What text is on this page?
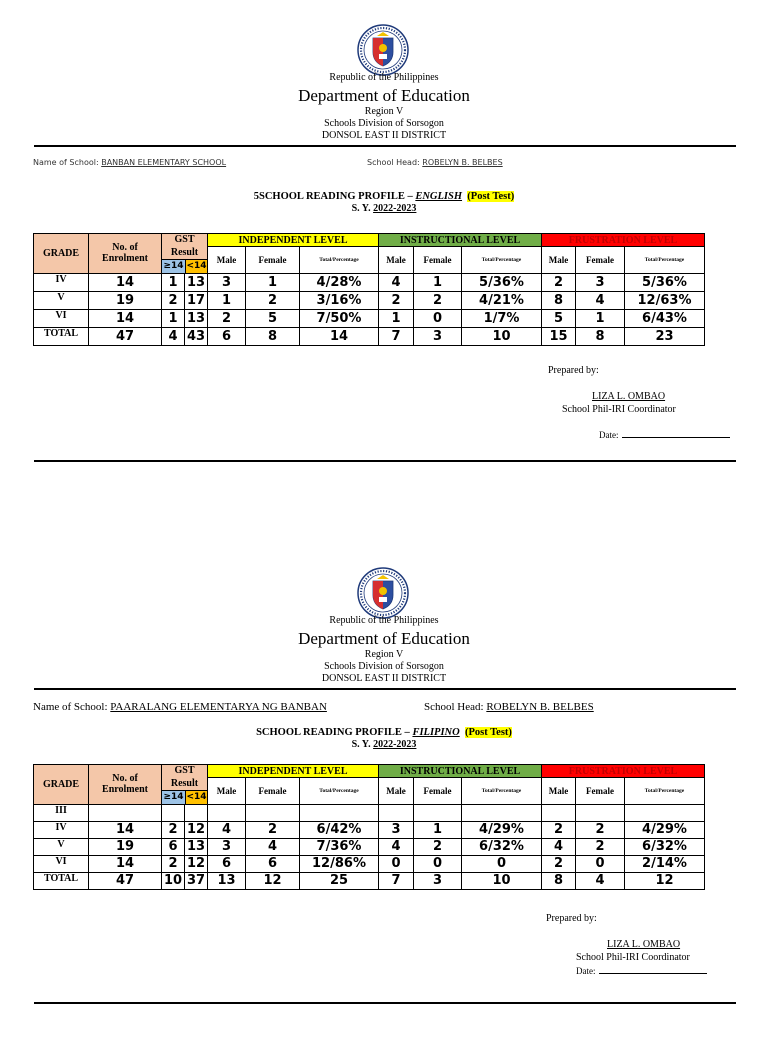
Republic of the Philippines
Department of Education
Region V
Schools Division of Sorsogon
DONSOL EAST II DISTRICT
Name of School: BANBAN ELEMENTARY SCHOOL	School Head: ROBELYN B. BELBES
5SCHOOL READING PROFILE – ENGLISH (Post Test)
S. Y. 2022-2023
GRADE	No. of
Enrolment	GST		INDEPENDENT LEVEL			INSTRUCTIONAL LEVEL			FRUSTRATION LEVEL		

		Result
≥14 <14		Male	Female	Total/Percentage	Male	Female	Total/Percentage	Male	Female	Total/Percentage
IV	14	1	13	3	1	4/28%	4	1	5/36%	2	3	5/36%
V	19	2	17	1	2	3/16%	2	2	4/21%	8	4	12/63%
VI	14	1	13	2	5	7/50%	1	0	1/7%	5	1	6/43%
TOTAL	47	4	43	6	8	14	7	3	10	15	8	23
Prepared by:
LIZA L. OMBAO
School Phil-IRI Coordinator
Date:
Republic of the Philippines
Department of Education
Region V
Schools Division of Sorsogon
DONSOL EAST II DISTRICT
Name of School: PAARALANG ELEMENTARYA NG BANBAN	School Head: ROBELYN B. BELBES
SCHOOL READING PROFILE – FILIPINO (Post Test)
S. Y. 2022-2023
GRADE	No. of
Enrolment	GST		INDEPENDENT LEVEL			INSTRUCTIONAL LEVEL			FRUSTRATION LEVEL		

		Result
≥14 <14		Male	Female	Total/Percentage	Male	Female	Total/Percentage	Male	Female	Total/Percentage
III												
IV	14	2	12	4	2	6/42%	3	1	4/29%	2	2	4/29%
V	19	6	13	3	4	7/36%	4	2	6/32%	4	2	6/32%
VI	14	2	12	6	6	12/86%	0	0	0	2	0	2/14%
TOTAL	47	10	37	13	12	25	7	3	10	8	4	12
Prepared by:
LIZA L. OMBAO
School Phil-IRI Coordinator
Date:
